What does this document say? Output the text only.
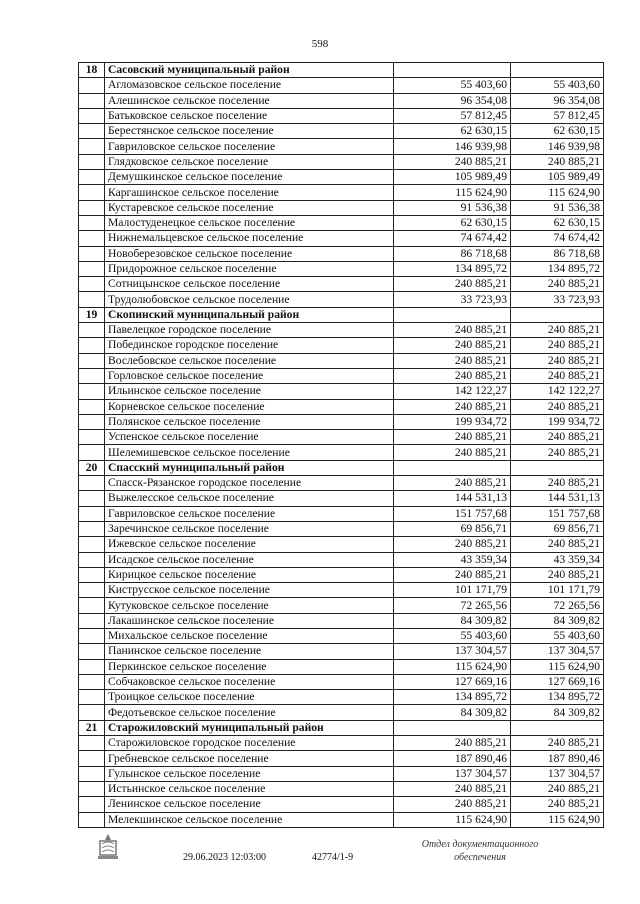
598
18	Сасовский муниципальный район		
	Агломазовское сельское поселение	55 403,60	55 403,60
	Алешинское сельское поселение	96 354,08	96 354,08
	Батьковское сельское поселение	57 812,45	57 812,45
	Берестянское сельское поселение	62 630,15	62 630,15
	Гавриловское сельское поселение	146 939,98	146 939,98
	Глядковское сельское поселение	240 885,21	240 885,21
	Демушкинское сельское поселение	105 989,49	105 989,49
	Каргашинское сельское поселение	115 624,90	115 624,90
	Кустаревское сельское поселение	91 536,38	91 536,38
	Малостуденецкое сельское поселение	62 630,15	62 630,15
	Нижнемальцевское сельское поселение	74 674,42	74 674,42
	Новоберезовское сельское поселение	86 718,68	86 718,68
	Придорожное сельское поселение	134 895,72	134 895,72
	Сотницынское сельское поселение	240 885,21	240 885,21
	Трудолюбовское сельское поселение	33 723,93	33 723,93
19	Скопинский муниципальный район		
	Павелецкое городское поселение	240 885,21	240 885,21
	Побединское городское поселение	240 885,21	240 885,21
	Вослебовское сельское поселение	240 885,21	240 885,21
	Горловское сельское поселение	240 885,21	240 885,21
	Ильинское сельское поселение	142 122,27	142 122,27
	Корневское сельское поселение	240 885,21	240 885,21
	Полянское сельское поселение	199 934,72	199 934,72
	Успенское сельское поселение	240 885,21	240 885,21
	Шелемишевское сельское поселение	240 885,21	240 885,21
20	Спасский муниципальный район		
	Спасск-Рязанское городское поселение	240 885,21	240 885,21
	Выжелесское сельское поселение	144 531,13	144 531,13
	Гавриловское сельское поселение	151 757,68	151 757,68
	Заречинское сельское поселение	69 856,71	69 856,71
	Ижевское сельское поселение	240 885,21	240 885,21
	Исадское сельское поселение	43 359,34	43 359,34
	Кирицкое сельское поселение	240 885,21	240 885,21
	Киструсское сельское поселение	101 171,79	101 171,79
	Кутуковское сельское поселение	72 265,56	72 265,56
	Лакашинское сельское поселение	84 309,82	84 309,82
	Михальское сельское поселение	55 403,60	55 403,60
	Панинское сельское поселение	137 304,57	137 304,57
	Перкинское сельское поселение	115 624,90	115 624,90
	Собчаковское сельское поселение	127 669,16	127 669,16
	Троицкое сельское поселение	134 895,72	134 895,72
	Федотьевское сельское поселение	84 309,82	84 309,82
21	Старожиловский муниципальный район		
	Старожиловское городское поселение	240 885,21	240 885,21
	Гребневское сельское поселение	187 890,46	187 890,46
	Гулынское сельское поселение	137 304,57	137 304,57
	Истьинское сельское поселение	240 885,21	240 885,21
	Ленинское сельское поселение	240 885,21	240 885,21
	Мелекшинское сельское поселение	115 624,90	115 624,90
29.06.2023 12:03:00	42774/1-9
Отдел документационного
обеспечения
